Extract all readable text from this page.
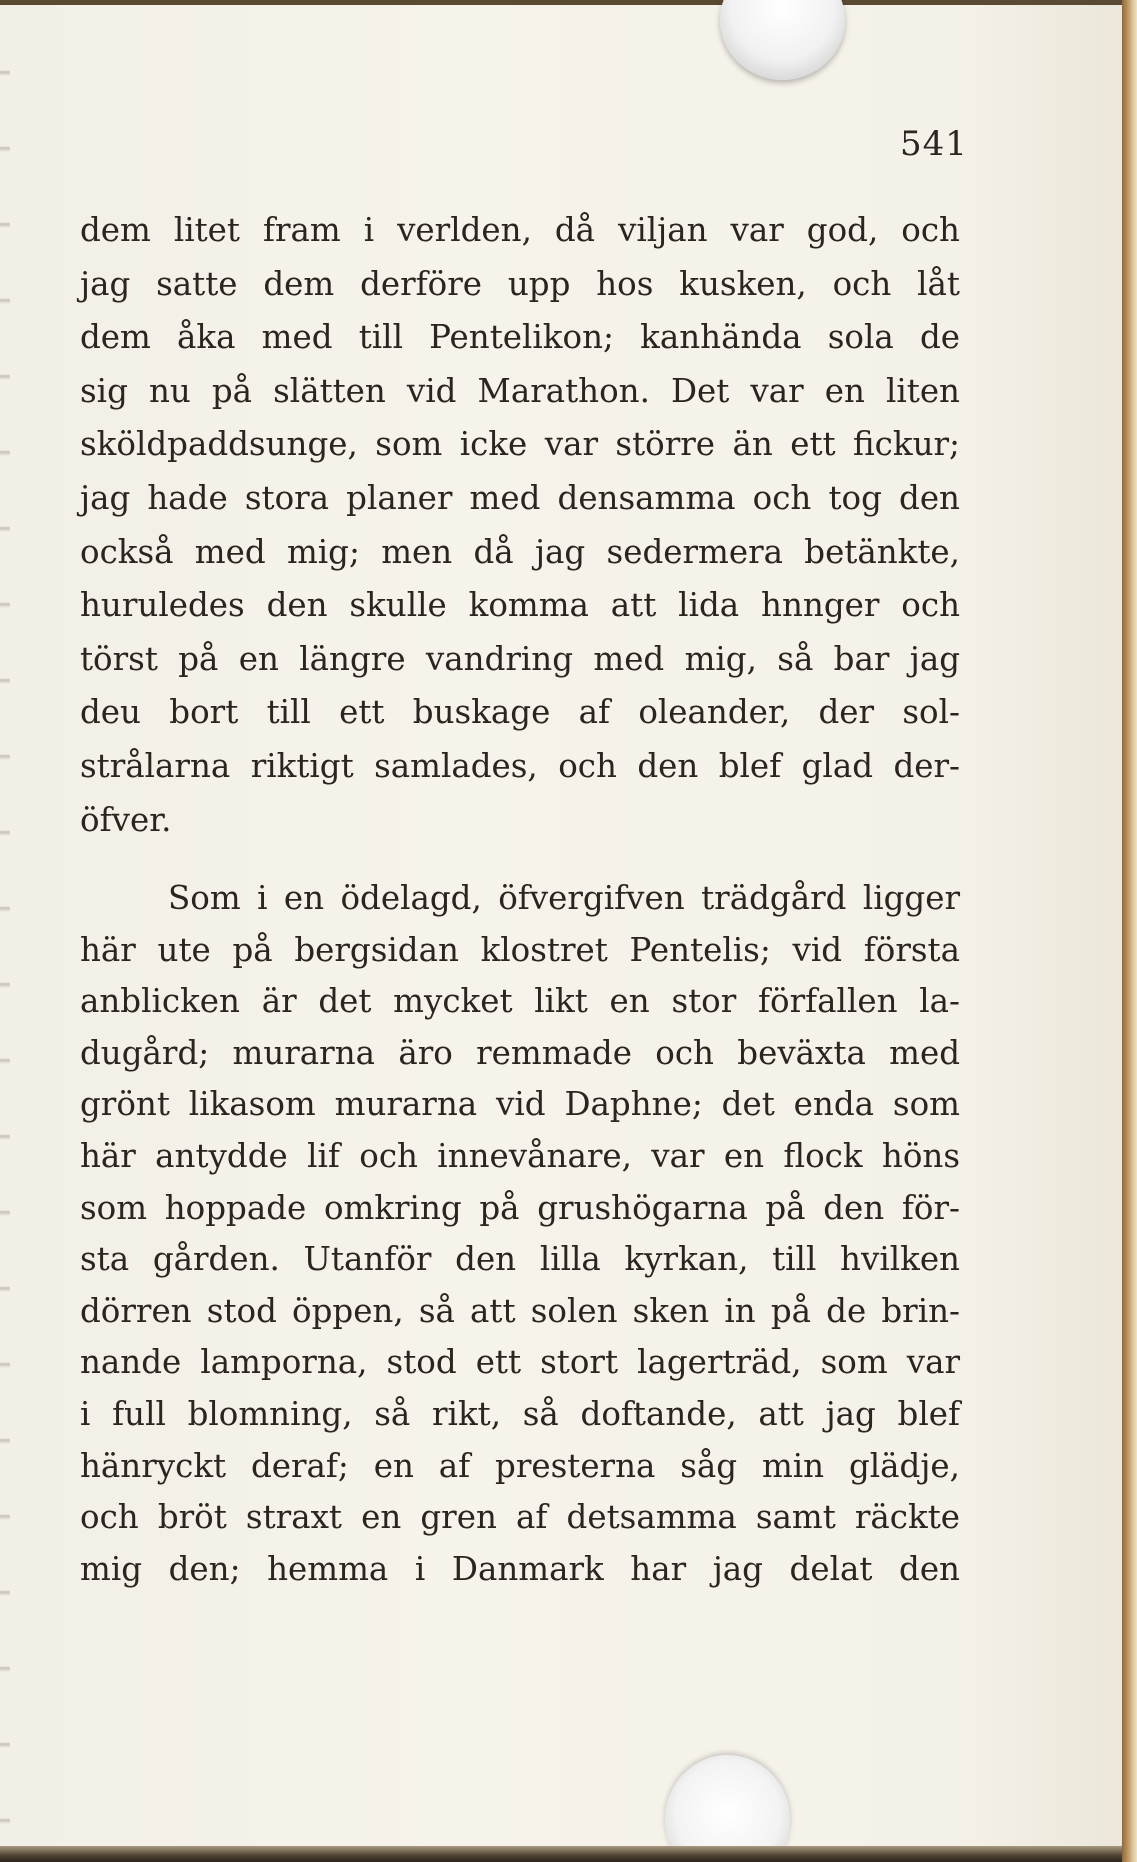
541
dem litet fram i verlden, då viljan var god, och
jag satte dem derföre upp hos kusken, och låt
dem åka med till Pentelikon; kanhända sola de
sig nu på slätten vid Marathon. Det var en liten
sköldpaddsunge, som icke var större än ett fickur;
jag hade stora planer med densamma och tog den
också med mig; men då jag sedermera betänkte,
huruledes den skulle komma att lida hnnger och
törst på en längre vandring med mig, så bar jag
deu bort till ett buskage af oleander, der sol-
strålarna riktigt samlades, och den blef glad der-
öfver.
Som i en ödelagd, öfvergifven trädgård ligger
här ute på bergsidan klostret Pentelis; vid första
anblicken är det mycket likt en stor förfallen la-
dugård; murarna äro remmade och beväxta med
grönt likasom murarna vid Daphne; det enda som
här antydde lif och innevånare, var en flock höns
som hoppade omkring på grushögarna på den för-
sta gården. Utanför den lilla kyrkan, till hvilken
dörren stod öppen, så att solen sken in på de brin-
nande lamporna, stod ett stort lagerträd, som var
i full blomning, så rikt, så doftande, att jag blef
hänryckt deraf; en af presterna såg min glädje,
och bröt straxt en gren af detsamma samt räckte
mig den; hemma i Danmark har jag delat den
